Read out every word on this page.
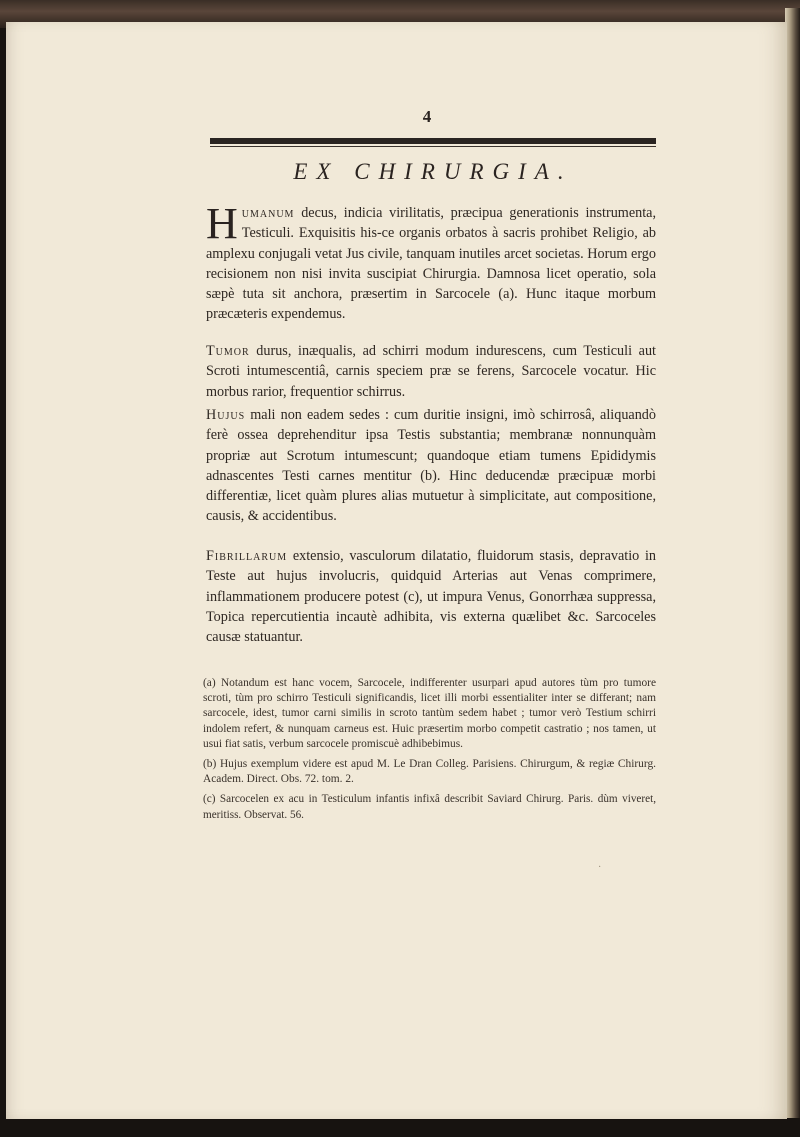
4
EX CHIRURGIA.

Humanum decus, indicia virilitatis, præcipua generationis instrumenta, Testiculi. Exquisitis his-ce organis orbatos à sacris prohibet Religio, ab amplexu conjugali vetat Jus civile, tanquam inutiles arcet societas. Horum ergo recisionem non nisi invita suscipiat Chirurgia. Damnosa licet operatio, sola sæpè tuta sit anchora, præsertim in Sarcocele (a). Hunc itaque morbum præcæteris expendemus.

Tumor durus, inæqualis, ad schirri modum indurescens, cum Testiculi aut Scroti intumescentiâ, carnis speciem præ se ferens, Sarcocele vocatur. Hic morbus rarior, frequentior schirrus.

Hujus mali non eadem sedes : cum duritie insigni, imò schirrosâ, aliquandò ferè ossea deprehenditur ipsa Testis substantia; membranæ nonnunquàm propriæ aut Scrotum intumescunt; quandoque etiam tumens Epididymis adnascentes Testi carnes mentitur (b). Hinc deducendæ præcipuæ morbi differentiæ, licet quàm plures alias mutuetur à simplicitate, aut compositione, causis, & accidentibus.

Fibrillarum extensio, vasculorum dilatatio, fluidorum stasis, depravatio in Teste aut hujus involucris, quidquid Arterias aut Venas comprimere, inflammationem producere potest (c), ut impura Venus, Gonorrhæa suppressa, Topica repercutientia incautè adhibita, vis externa quælibet &c. Sarcoceles causæ statuantur.

(a) Notandum est hanc vocem, Sarcocele, indifferenter usurpari apud autores tùm pro tumore scroti, tùm pro schirro Testiculi significandis, licet illi morbi essentialiter inter se differant; nam sarcocele, idest, tumor carni similis in scroto tantùm sedem habet ; tumor verò Testium schirri indolem refert, & nunquam carneus est. Huic præsertim morbo competit castratio ; nos tamen, ut usui fiat satis, verbum sarcocele promiscuè adhibebimus.

(b) Hujus exemplum videre est apud M. Le Dran Colleg. Parisiens. Chirurgum, & regiæ Chirurg. Academ. Direct. Obs. 72. tom. 2.

(c) Sarcocelen ex acu in Testiculum infantis infixâ describit Saviard Chirurg. Paris. dùm viveret, meritiss. Observat. 56.

·
